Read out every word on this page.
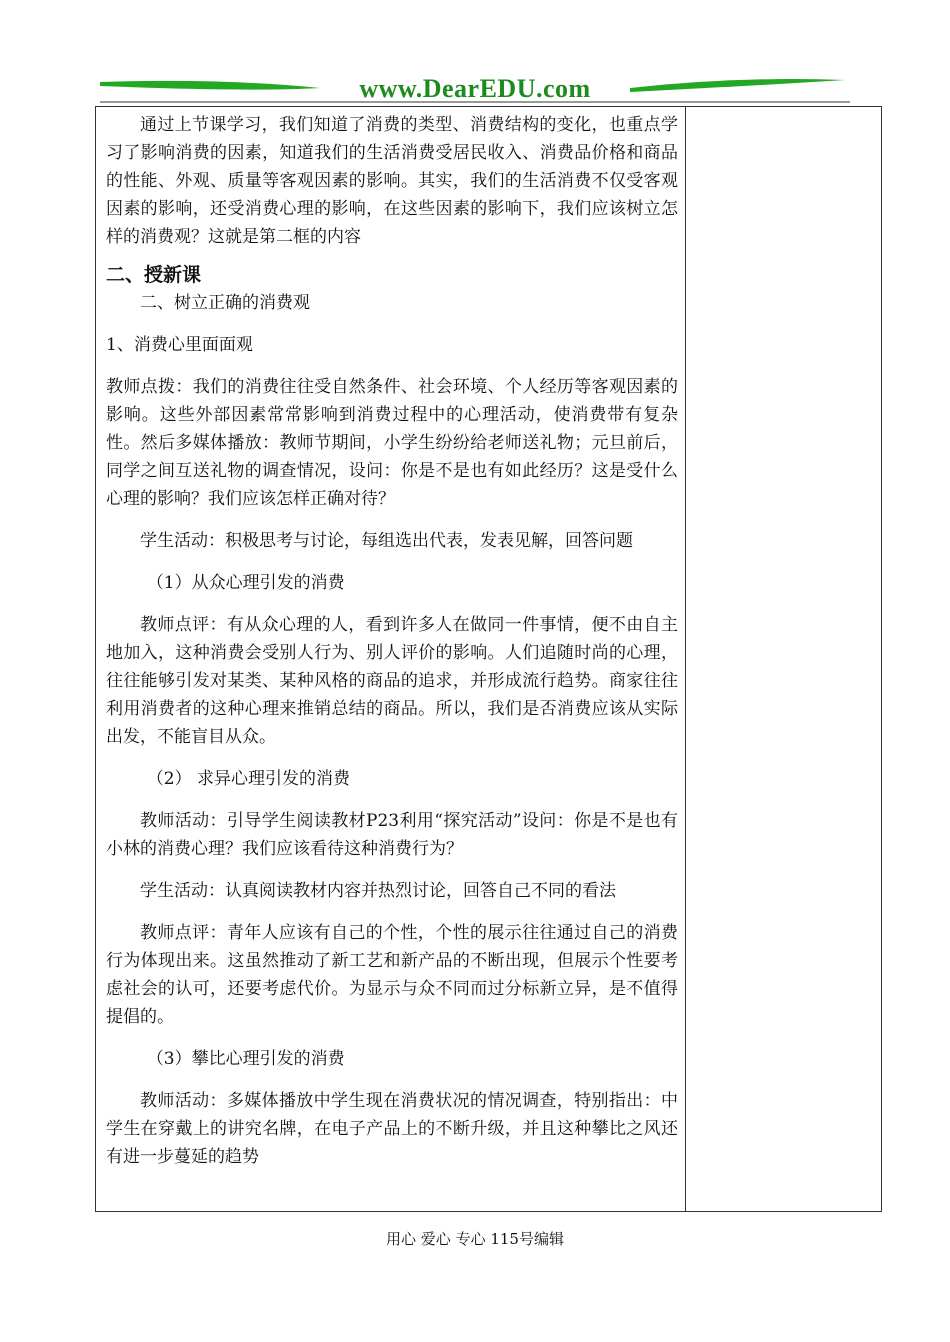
www.DearEDU.com

通过上节课学习，我们知道了消费的类型、消费结构的变化，也重点学习了影响消费的因素，知道我们的生活消费受居民收入、消费品价格和商品的性能、外观、质量等客观因素的影响。其实，我们的生活消费不仅受客观因素的影响，还受消费心理的影响，在这些因素的影响下，我们应该树立怎样的消费观？这就是第二框的内容

二、授新课

二、树立正确的消费观

1、消费心里面面观

教师点拨：我们的消费往往受自然条件、社会环境、个人经历等客观因素的影响。这些外部因素常常影响到消费过程中的心理活动，使消费带有复杂性。然后多媒体播放：教师节期间，小学生纷纷给老师送礼物；元旦前后，同学之间互送礼物的调查情况，设问：你是不是也有如此经历？这是受什么心理的影响？我们应该怎样正确对待？

学生活动：积极思考与讨论，每组选出代表，发表见解，回答问题

（1）从众心理引发的消费

教师点评：有从众心理的人，看到许多人在做同一件事情，便不由自主地加入，这种消费会受别人行为、别人评价的影响。人们追随时尚的心理，往往能够引发对某类、某种风格的商品的追求，并形成流行趋势。商家往往利用消费者的这种心理来推销总结的商品。所以，我们是否消费应该从实际出发，不能盲目从众。

（2） 求异心理引发的消费

教师活动：引导学生阅读教材P23利用“探究活动”设问：你是不是也有小林的消费心理？我们应该看待这种消费行为？

学生活动：认真阅读教材内容并热烈讨论，回答自己不同的看法

教师点评：青年人应该有自己的个性，个性的展示往往通过自己的消费行为体现出来。这虽然推动了新工艺和新产品的不断出现，但展示个性要考虑社会的认可，还要考虑代价。为显示与众不同而过分标新立异，是不值得提倡的。

（3）攀比心理引发的消费

教师活动：多媒体播放中学生现在消费状况的情况调查，特别指出：中学生在穿戴上的讲究名牌，在电子产品上的不断升级，并且这种攀比之风还有进一步蔓延的趋势

用心 爱心 专心 115号编辑
